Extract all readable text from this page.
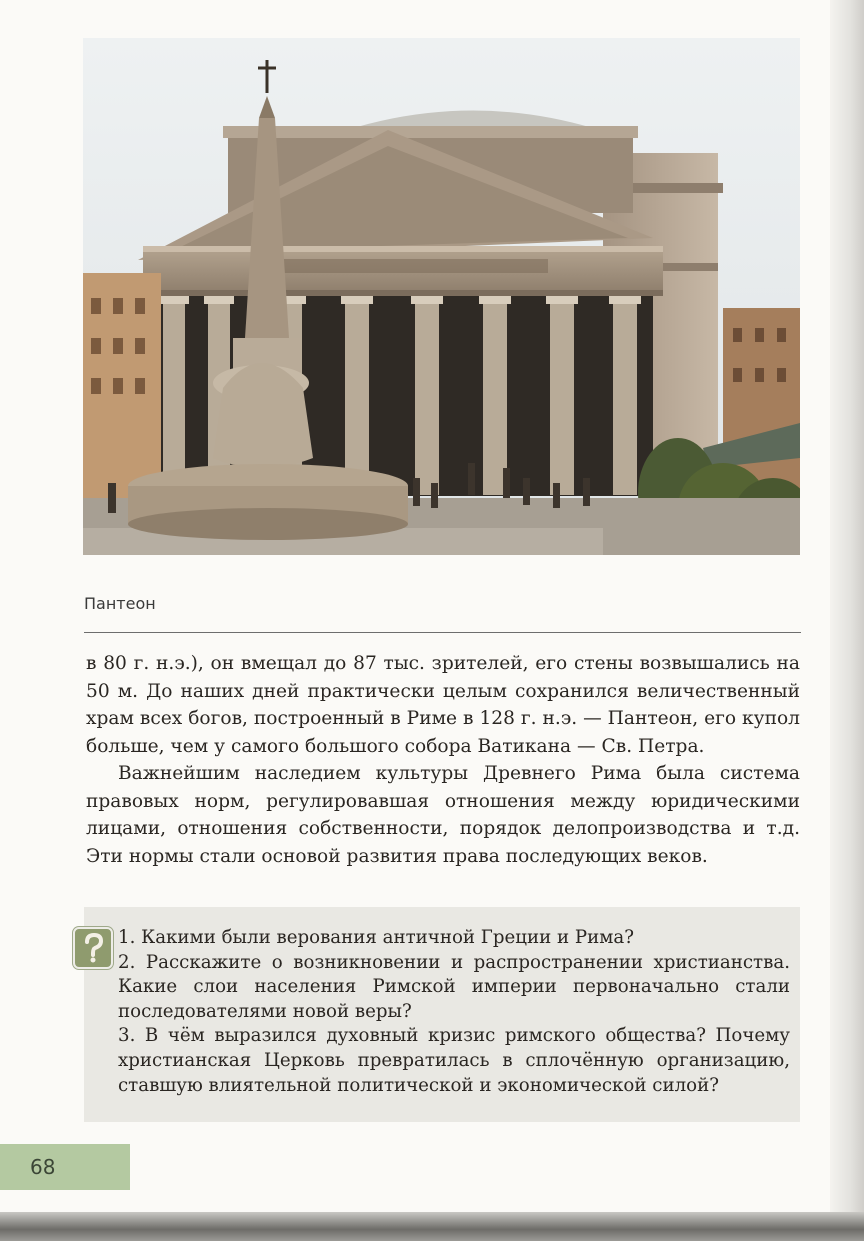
Пантеон

в 80 г. н.э.), он вмещал до 87 тыс. зрителей, его стены возвышались на 50 м. До наших дней практически целым сохранился величественный храм всех богов, построенный в Риме в 128 г. н.э. — Пантеон, его купол больше, чем у самого большого собора Ватикана — Св. Петра.

Важнейшим наследием культуры Древнего Рима была система правовых норм, регулировавшая отношения между юридическими лицами, отношения собственности, порядок делопроизводства и т.д. Эти нормы стали основой развития права последующих веков.

1. Какими были верования античной Греции и Рима?

2. Расскажите о возникновении и распространении христианства. Какие слои населения Римской империи первоначально стали последователями новой веры?

3. В чём выразился духовный кризис римского общества? Почему христианская Церковь превратилась в сплочённую организацию, ставшую влиятельной политической и экономической силой?

68
